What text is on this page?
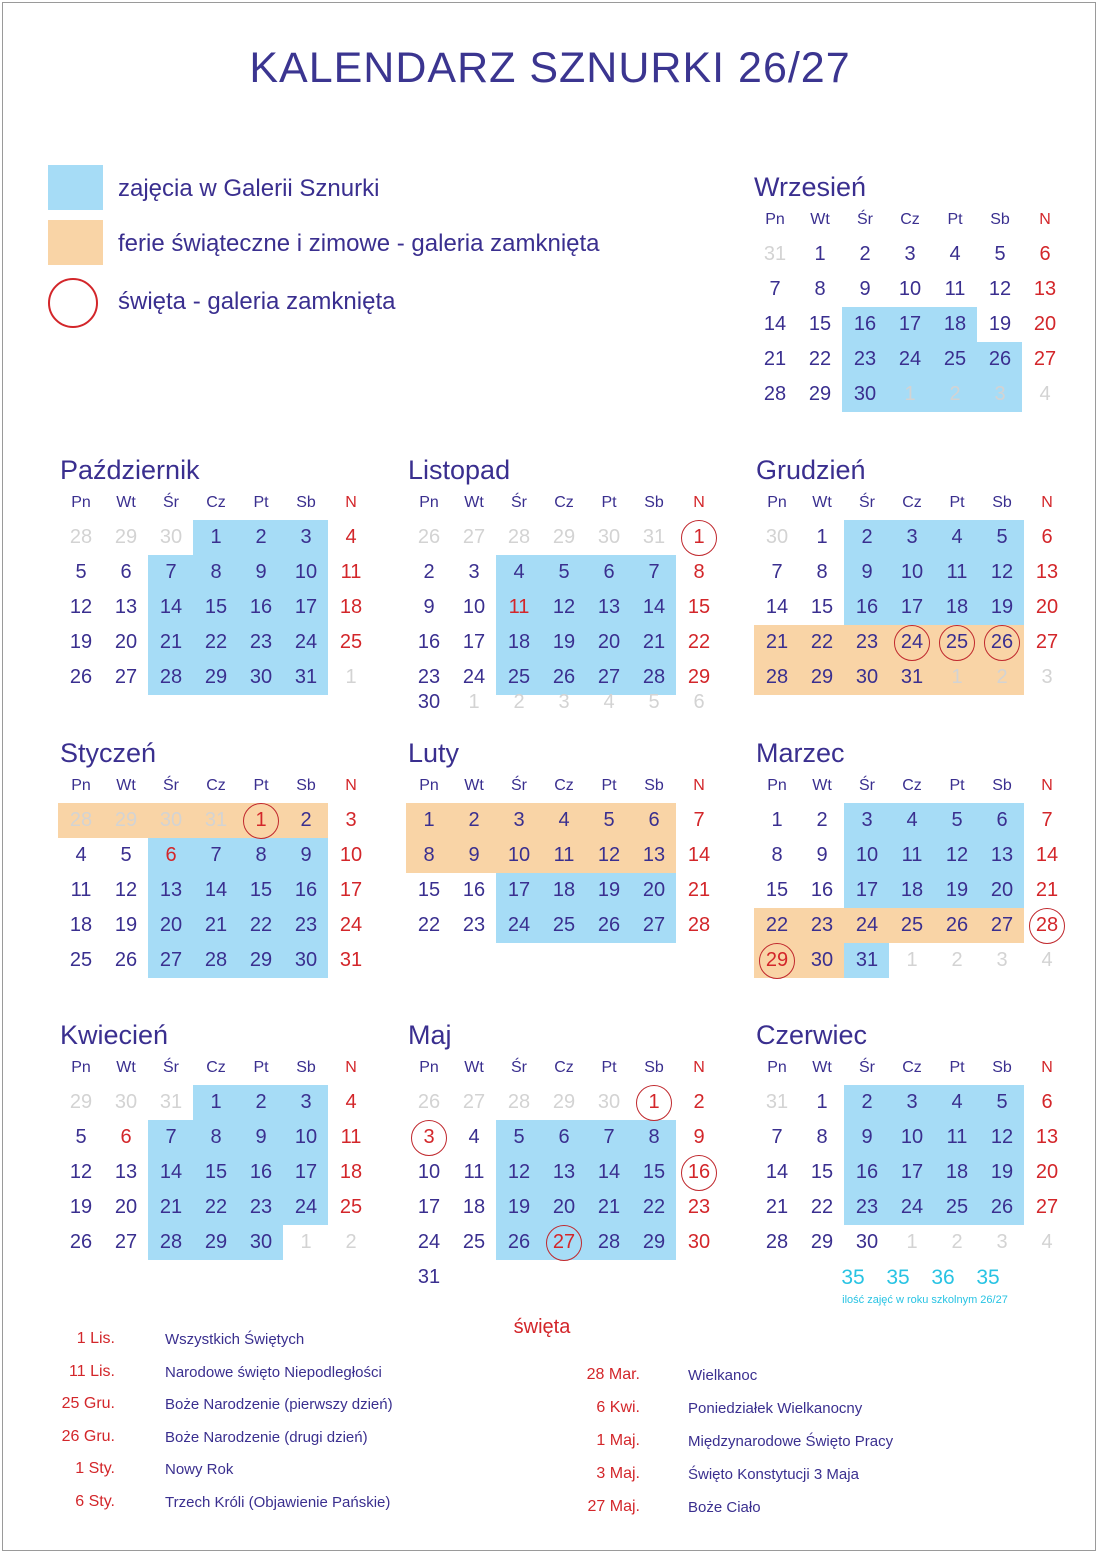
KALENDARZ SZNURKI 26/27
zajęcia w Galerii Sznurki
ferie świąteczne i zimowe - galeria zamknięta
święta - galeria zamknięta
Wrzesień
Pn	Wt	Śr	Cz	Pt	Sb	N
31	1	2	3	4	5	6
7	8	9	10	11	12	13
14	15	16	17	18	19	20
21	22	23	24	25	26	27
28	29	30	1	2	3	4
Październik
Pn	Wt	Śr	Cz	Pt	Sb	N
28	29	30	1	2	3	4
5	6	7	8	9	10	11
12	13	14	15	16	17	18
19	20	21	22	23	24	25
26	27	28	29	30	31	1
Listopad
Pn	Wt	Śr	Cz	Pt	Sb	N
26	27	28	29	30	31	1
2	3	4	5	6	7	8
9	10	11	12	13	14	15
16	17	18	19	20	21	22
23	24	25	26	27	28	29
30	1	2	3	4	5	6
Grudzień
Pn	Wt	Śr	Cz	Pt	Sb	N
30	1	2	3	4	5	6
7	8	9	10	11	12	13
14	15	16	17	18	19	20
21	22	23	24	25	26	27
28	29	30	31	1	2	3
Styczeń
Pn	Wt	Śr	Cz	Pt	Sb	N
28	29	30	31	1	2	3
4	5	6	7	8	9	10
11	12	13	14	15	16	17
18	19	20	21	22	23	24
25	26	27	28	29	30	31
Luty
Pn	Wt	Śr	Cz	Pt	Sb	N
1	2	3	4	5	6	7
8	9	10	11	12	13	14
15	16	17	18	19	20	21
22	23	24	25	26	27	28
Marzec
Pn	Wt	Śr	Cz	Pt	Sb	N
1	2	3	4	5	6	7
8	9	10	11	12	13	14
15	16	17	18	19	20	21
22	23	24	25	26	27	28
29	30	31	1	2	3	4
Kwiecień
Pn	Wt	Śr	Cz	Pt	Sb	N
29	30	31	1	2	3	4
5	6	7	8	9	10	11
12	13	14	15	16	17	18
19	20	21	22	23	24	25
26	27	28	29	30	1	2
Maj
Pn	Wt	Śr	Cz	Pt	Sb	N
26	27	28	29	30	1	2
3	4	5	6	7	8	9
10	11	12	13	14	15	16
17	18	19	20	21	22	23
24	25	26	27	28	29	30
31
Czerwiec
Pn	Wt	Śr	Cz	Pt	Sb	N
31	1	2	3	4	5	6
7	8	9	10	11	12	13
14	15	16	17	18	19	20
21	22	23	24	25	26	27
28	29	30	1	2	3	4
35	35	36	35
ilość zajęć w roku szkolnym 26/27
święta
1 Lis.	Wszystkich Świętych
11 Lis.	Narodowe święto Niepodległości
25 Gru.	Boże Narodzenie (pierwszy dzień)
26 Gru.	Boże Narodzenie (drugi dzień)
1 Sty.	Nowy Rok
6 Sty.	Trzech Króli (Objawienie Pańskie)
28 Mar.	Wielkanoc
6 Kwi.	Poniedziałek Wielkanocny
1 Maj.	Międzynarodowe Święto Pracy
3 Maj.	Święto Konstytucji 3 Maja
27 Maj.	Boże Ciało
